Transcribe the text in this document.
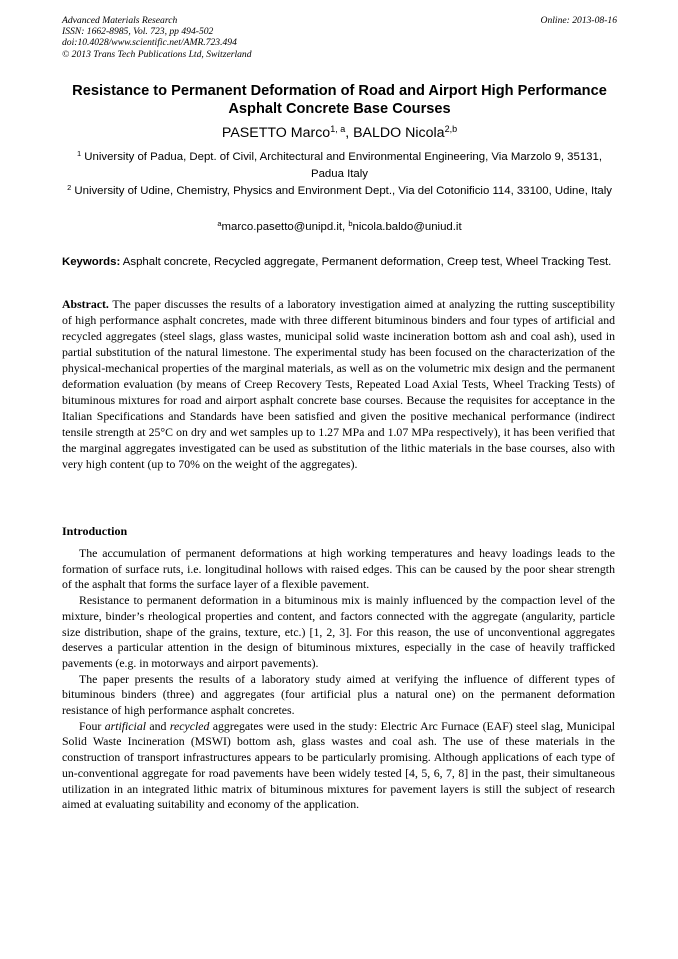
Advanced Materials Research
ISSN: 1662-8985, Vol. 723, pp 494-502
doi:10.4028/www.scientific.net/AMR.723.494
© 2013 Trans Tech Publications Ltd, Switzerland
Online: 2013-08-16
Resistance to Permanent Deformation of Road and Airport High Performance Asphalt Concrete Base Courses
PASETTO Marco$^{1, a}$, BALDO Nicola$^{2,b}$
$^1$ University of Padua, Dept. of Civil, Architectural and Environmental Engineering, Via Marzolo 9, 35131, Padua Italy
$^2$ University of Udine, Chemistry, Physics and Environment Dept., Via del Cotonificio 114, 33100, Udine, Italy
$^a$marco.pasetto@unipd.it, $^b$nicola.baldo@uniud.it
Keywords: Asphalt concrete, Recycled aggregate, Permanent deformation, Creep test, Wheel Tracking Test.
Abstract. The paper discusses the results of a laboratory investigation aimed at analyzing the rutting susceptibility of high performance asphalt concretes, made with three different bituminous binders and four types of artificial and recycled aggregates (steel slags, glass wastes, municipal solid waste incineration bottom ash and coal ash), used in partial substitution of the natural limestone. The experimental study has been focused on the characterization of the physical-mechanical properties of the marginal materials, as well as on the volumetric mix design and the permanent deformation evaluation (by means of Creep Recovery Tests, Repeated Load Axial Tests, Wheel Tracking Tests) of bituminous mixtures for road and airport asphalt concrete base courses. Because the requisites for acceptance in the Italian Specifications and Standards have been satisfied and given the positive mechanical performance (indirect tensile strength at 25°C on dry and wet samples up to 1.27 MPa and 1.07 MPa respectively), it has been verified that the marginal aggregates investigated can be used as substitution of the lithic materials in the base courses, also with very high content (up to 70% on the weight of the aggregates).
Introduction

The accumulation of permanent deformations at high working temperatures and heavy loadings leads to the formation of surface ruts, i.e. longitudinal hollows with raised edges. This can be caused by the poor shear strength of the asphalt that forms the surface layer of a flexible pavement.

Resistance to permanent deformation in a bituminous mix is mainly influenced by the compaction level of the mixture, binder’s rheological properties and content, and factors connected with the aggregate (angularity, particle size distribution, shape of the grains, texture, etc.) [1, 2, 3]. For this reason, the use of unconventional aggregates deserves a particular attention in the design of bituminous mixtures, especially in the case of heavily trafficked pavements (e.g. in motorways and airport pavements).

The paper presents the results of a laboratory study aimed at verifying the influence of different types of bituminous binders (three) and aggregates (four artificial plus a natural one) on the permanent deformation resistance of high performance asphalt concretes.

Four artificial and recycled aggregates were used in the study: Electric Arc Furnace (EAF) steel slag, Municipal Solid Waste Incineration (MSWI) bottom ash, glass wastes and coal ash. The use of these materials in the construction of transport infrastructures appears to be particularly promising. Although applications of each type of un-conventional aggregate for road pavements have been widely tested [4, 5, 6, 7, 8] in the past, their simultaneous utilization in an integrated lithic matrix of bituminous mixtures for pavement layers is still the subject of research aimed at evaluating suitability and economy of the application.
